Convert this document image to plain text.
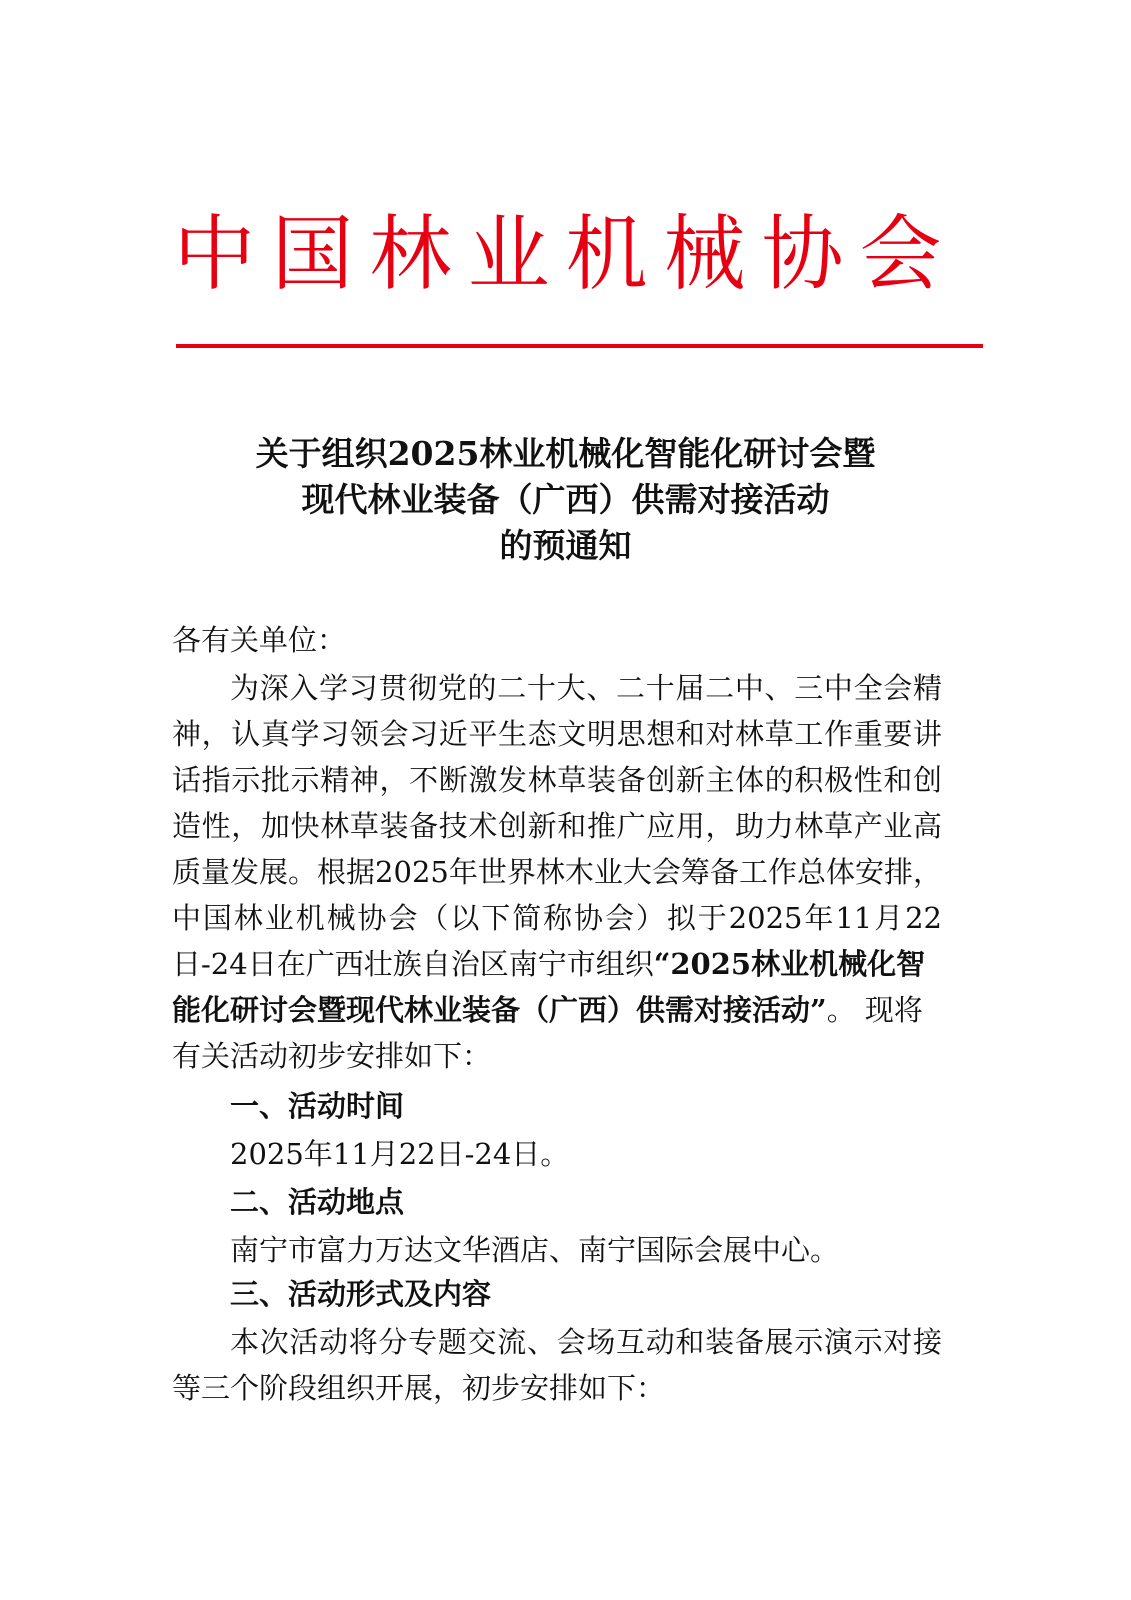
中国林业机械协会
关于组织2025林业机械化智能化研讨会暨
现代林业装备（广西）供需对接活动
的预通知
各有关单位：
为深入学习贯彻党的二十大、二十届二中、三中全会精
神，认真学习领会习近平生态文明思想和对林草工作重要讲
话指示批示精神，不断激发林草装备创新主体的积极性和创
造性，加快林草装备技术创新和推广应用，助力林草产业高
质量发展。根据2025年世界林木业大会筹备工作总体安排，
中国林业机械协会（以下简称协会）拟于2025年11月22
日-24日在广西壮族自治区南宁市组织“2025林业机械化智
能化研讨会暨现代林业装备（广西）供需对接活动”。 现将
有关活动初步安排如下：
一、活动时间
2025年11月22日-24日。
二、活动地点
南宁市富力万达文华酒店、南宁国际会展中心。
三、活动形式及内容
本次活动将分专题交流、会场互动和装备展示演示对接
等三个阶段组织开展，初步安排如下：
